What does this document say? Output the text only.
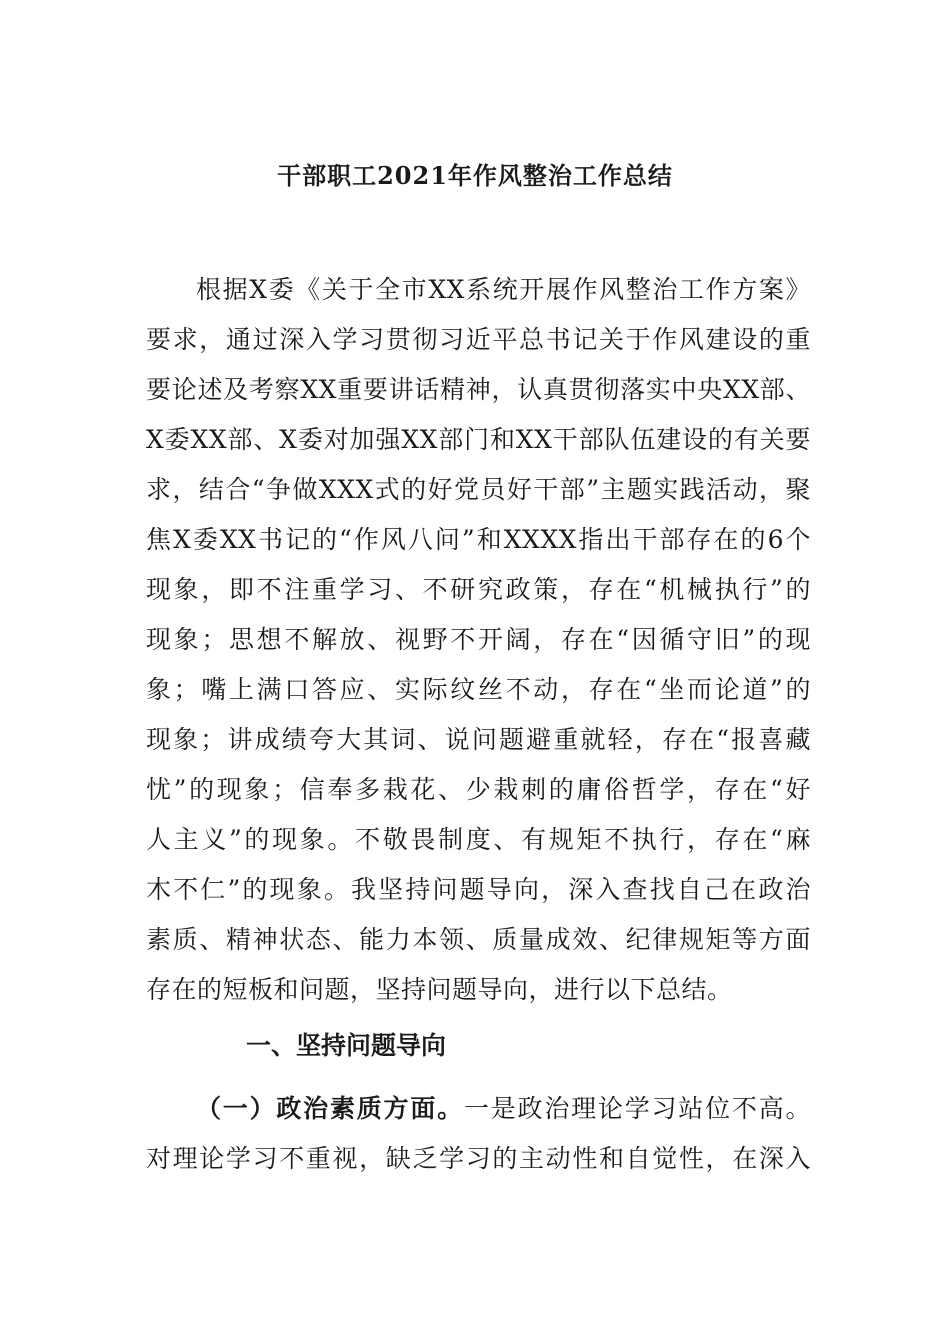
干部职工2021年作风整治工作总结
根据X委《关于全市XX系统开展作风整治工作方案》
要求，通过深入学习贯彻习近平总书记关于作风建设的重
要论述及考察XX重要讲话精神，认真贯彻落实中央XX部、
X委XX部、X委对加强XX部门和XX干部队伍建设的有关要
求，结合“争做XXX式的好党员好干部”主题实践活动，聚
焦X委XX书记的“作风八问”和XXXX指出干部存在的6个
现象，即不注重学习、不研究政策，存在“机械执行”的
现象；思想不解放、视野不开阔，存在“因循守旧”的现
象；嘴上满口答应、实际纹丝不动，存在“坐而论道”的
现象；讲成绩夸大其词、说问题避重就轻，存在“报喜藏
忧”的现象；信奉多栽花、少栽刺的庸俗哲学，存在“好
人主义”的现象。不敬畏制度、有规矩不执行，存在“麻
木不仁”的现象。我坚持问题导向，深入查找自己在政治
素质、精神状态、能力本领、质量成效、纪律规矩等方面
存在的短板和问题，坚持问题导向，进行以下总结。
一、坚持问题导向
（一）政治素质方面。一是政治理论学习站位不高。
对理论学习不重视，缺乏学习的主动性和自觉性，在深入
